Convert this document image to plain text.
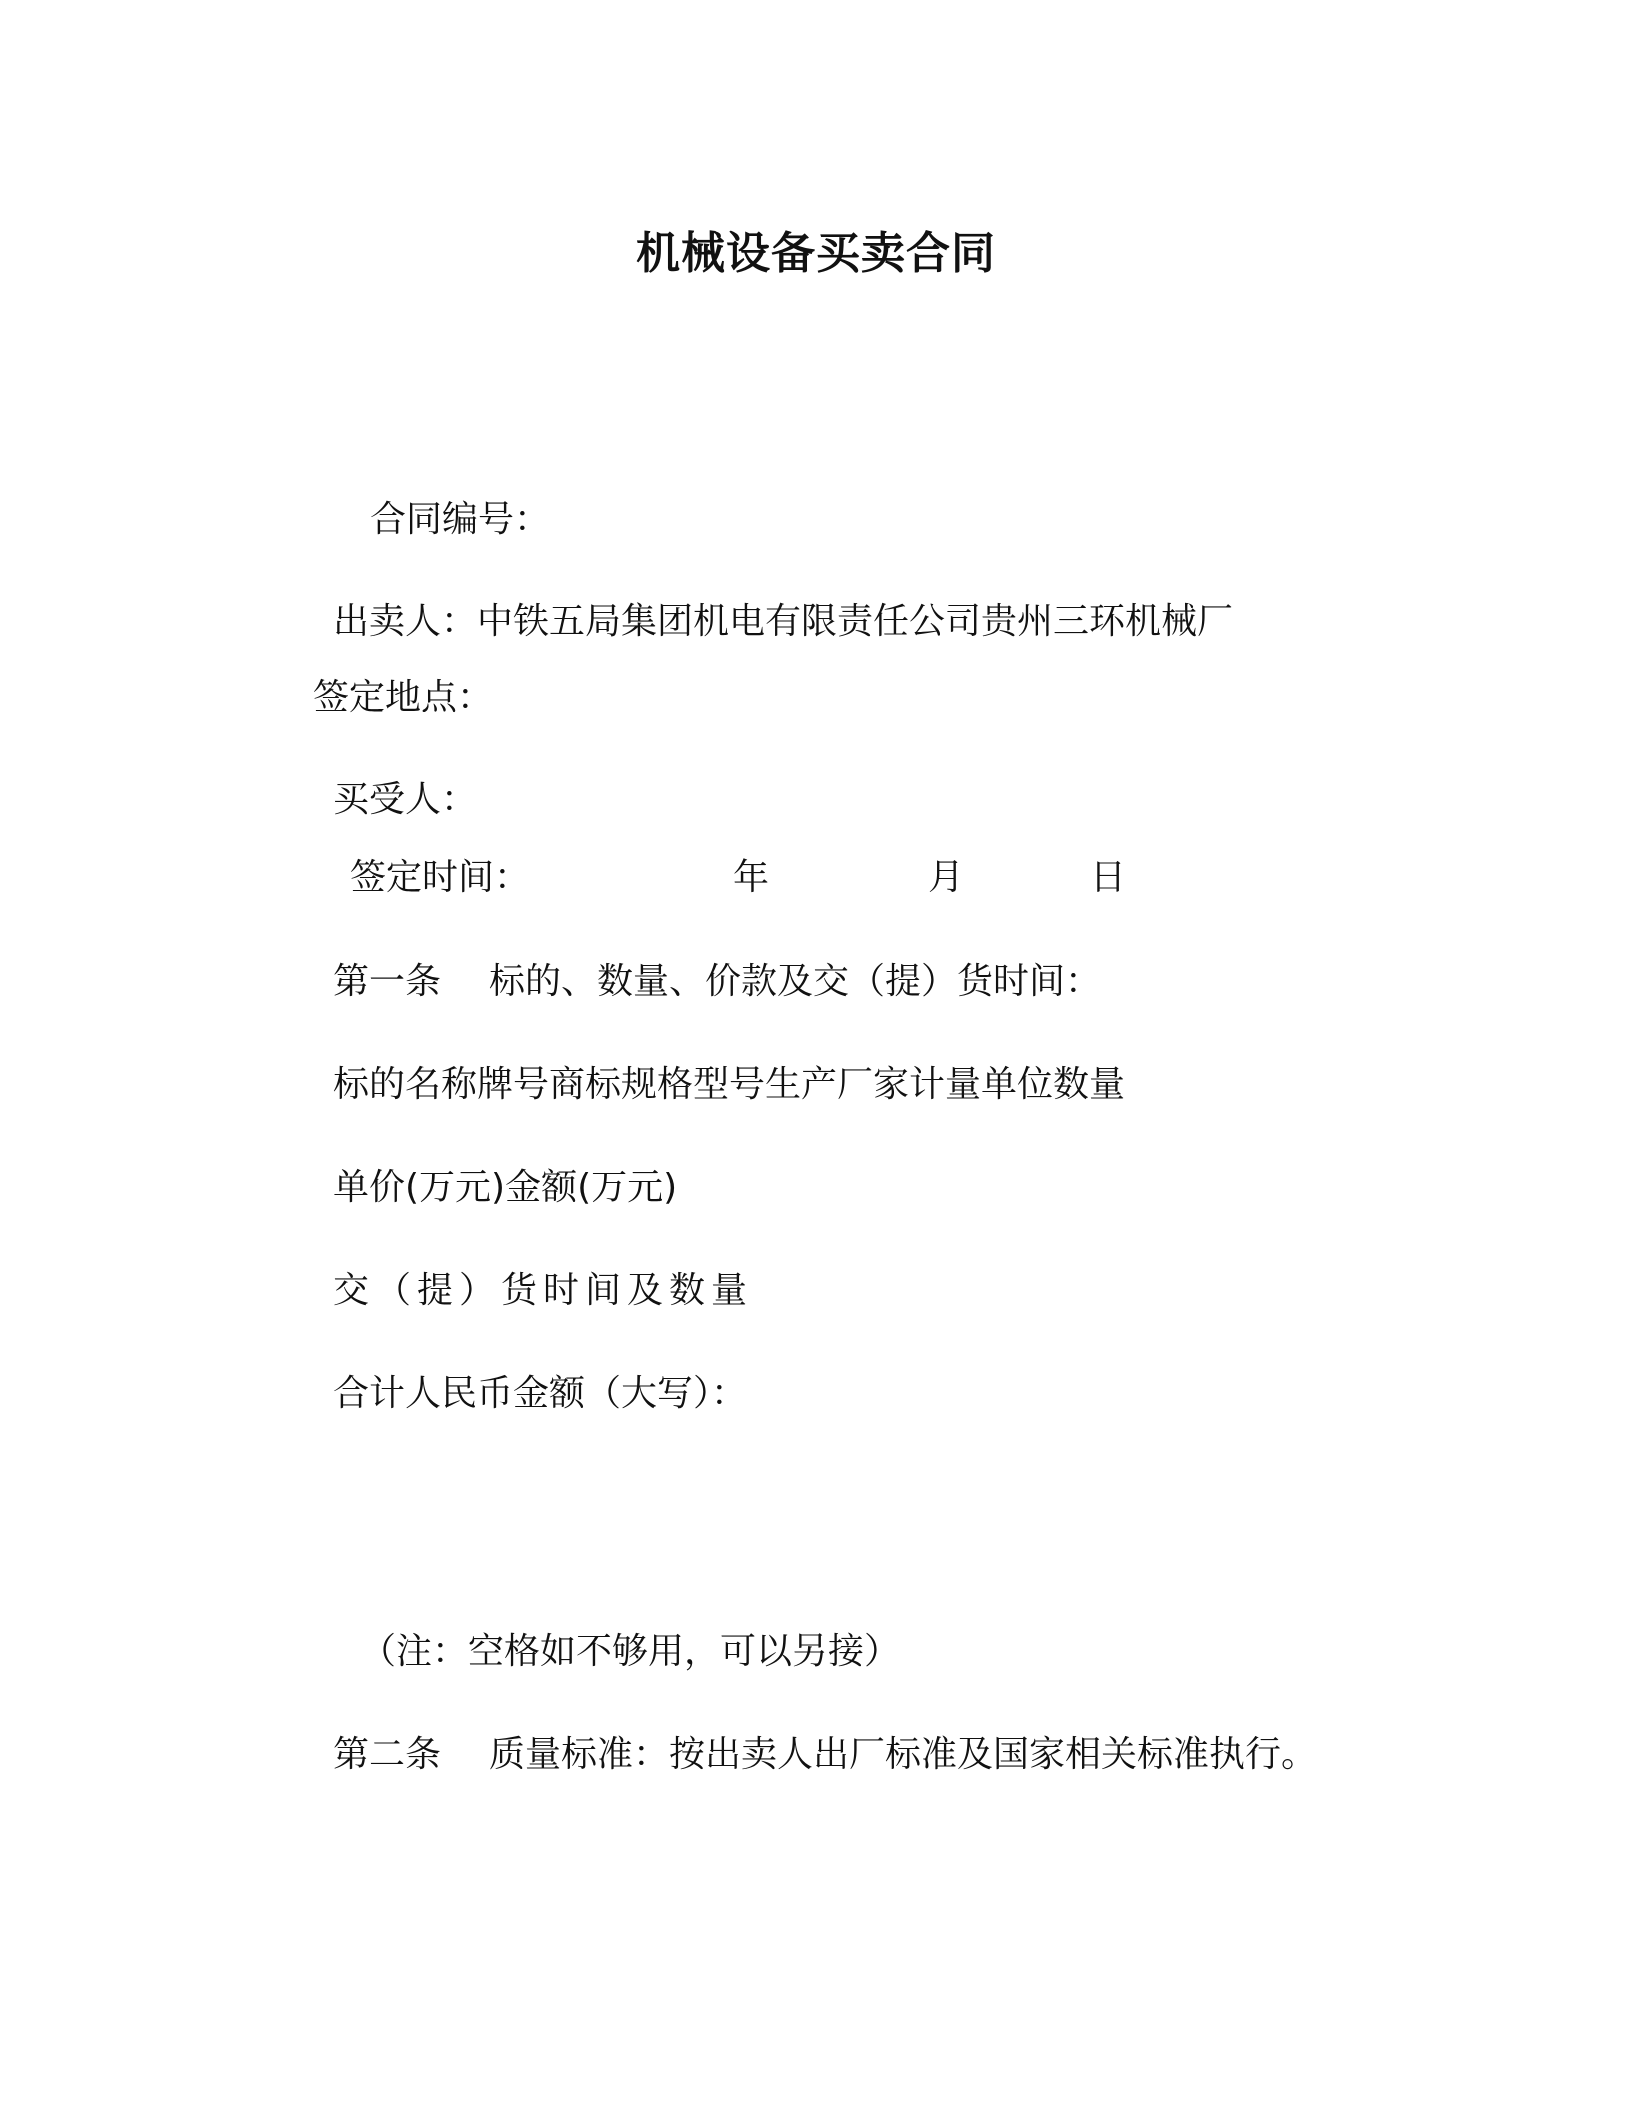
机械设备买卖合同
合同编号：
出卖人：中铁五局集团机电有限责任公司贵州三环机械厂
签定地点：
买受人：
签定时间：	年	月	日
第一条 标的、数量、价款及交（提）货时间：
标的名称牌号商标规格型号生产厂家计量单位数量
单价(万元)金额(万元)
交（提）货时间及数量
合计人民币金额（大写）：
（注：空格如不够用，可以另接）
第二条 质量标准：按出卖人出厂标准及国家相关标准执行。
